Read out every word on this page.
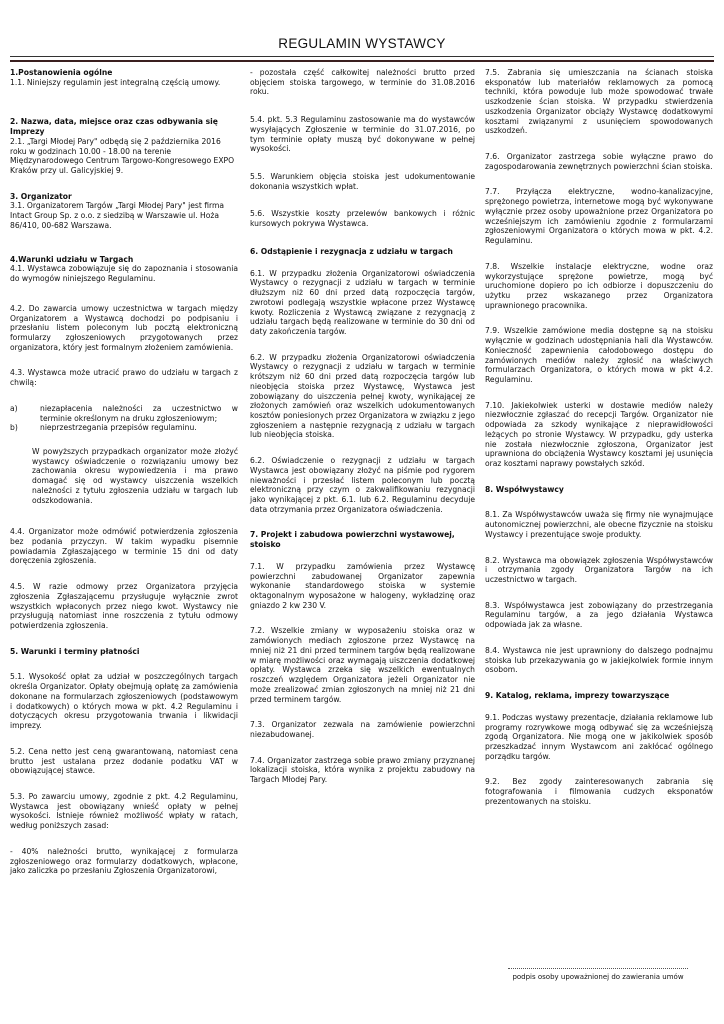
REGULAMIN WYSTAWCY

1.Postanowienia ogólne

1.1. Niniejszy regulamin jest integralną częścią umowy.

2. Nazwa, data, miejsce oraz czas odbywania się Imprezy

2.1. „Targi Młodej Pary" odbędą się 2 października 2016 roku w godzinach 10.00 - 18.00 na terenie Międzynarodowego Centrum Targowo-Kongresowego EXPO Kraków przy ul. Galicyjskiej 9.

3. Organizator

3.1. Organizatorem Targów „Targi Młodej Pary" jest firma Intact Group Sp. z o.o. z siedzibą w Warszawie ul. Hoża 86/410, 00-682 Warszawa.

4.Warunki udziału w Targach

4.1. Wystawca zobowiązuje się do zapoznania i stosowania do wymogów niniejszego Regulaminu.

4.2. Do zawarcia umowy uczestnictwa w targach między Organizatorem a Wystawcą dochodzi po podpisaniu i przesłaniu listem poleconym lub pocztą elektroniczną formularzy zgłoszeniowych przygotowanych przez organizatora, który jest formalnym złożeniem zamówienia.

4.3. Wystawca może utracić prawo do udziału w targach z chwilą:

a)	niezapłacenia należności za uczestnictwo w terminie określonym na druku zgłoszeniowym;
b)	nieprzestrzegania przepisów regulaminu.

W powyższych przypadkach organizator może złożyć wystawcy oświadczenie o rozwiązaniu umowy bez zachowania okresu wypowiedzenia i ma prawo domagać się od wystawcy uiszczenia wszelkich należności z tytułu zgłoszenia udziału w targach lub odszkodowania.

4.4. Organizator może odmówić potwierdzenia zgłoszenia bez podania przyczyn. W takim wypadku pisemnie powiadamia Zgłaszającego w terminie 15 dni od daty doręczenia zgłoszenia.

4.5. W razie odmowy przez Organizatora przyjęcia zgłoszenia Zgłaszającemu przysługuje wyłącznie zwrot wszystkich wpłaconych przez niego kwot. Wystawcy nie przysługują natomiast inne roszczenia z tytułu odmowy potwierdzenia zgłoszenia.

5. Warunki i terminy płatności

5.1. Wysokość opłat za udział w poszczególnych targach określa Organizator. Opłaty obejmują opłatę za zamówienia dokonane na formularzach zgłoszeniowych (podstawowym i dodatkowych) o których mowa w pkt. 4.2 Regulaminu i dotyczących okresu przygotowania trwania i likwidacji imprezy.

5.2. Cena netto jest ceną gwarantowaną, natomiast cena brutto jest ustalana przez dodanie podatku VAT w obowiązującej stawce.

5.3. Po zawarciu umowy, zgodnie z pkt. 4.2 Regulaminu, Wystawca jest obowiązany wnieść opłaty w pełnej wysokości. Istnieje również możliwość wpłaty w ratach, według poniższych zasad:

- 40% należności brutto, wynikającej z formularza zgłoszeniowego oraz formularzy dodatkowych, wpłacone, jako zaliczka po przesłaniu Zgłoszenia Organizatorowi,

- pozostała część całkowitej należności brutto przed objęciem stoiska targowego, w terminie do 31.08.2016 roku.

5.4. pkt. 5.3 Regulaminu zastosowanie ma do wystawców wysyłających Zgłoszenie w terminie do 31.07.2016, po tym terminie opłaty muszą być dokonywane w pełnej wysokości.

5.5. Warunkiem objęcia stoiska jest udokumentowanie dokonania wszystkich wpłat.

5.6. Wszystkie koszty przelewów bankowych i różnic kursowych pokrywa Wystawca.

6. Odstąpienie i rezygnacja z udziału w targach

6.1. W przypadku złożenia Organizatorowi oświadczenia Wystawcy o rezygnacji z udziału w targach w terminie dłuższym niż 60 dni przed datą rozpoczęcia targów, zwrotowi podlegają wszystkie wpłacone przez Wystawcę kwoty. Rozliczenia z Wystawcą związane z rezygnacją z udziału targach będą realizowane w terminie do 30 dni od daty zakończenia targów.

6.2. W przypadku złożenia Organizatorowi oświadczenia Wystawcy o rezygnacji z udziału w targach w terminie krótszym niż 60 dni przed datą rozpoczęcia targów lub nieobjęcia stoiska przez Wystawcę, Wystawca jest zobowiązany do uiszczenia pełnej kwoty, wynikającej ze złożonych zamówień oraz wszelkich udokumentowanych kosztów poniesionych przez Organizatora w związku z jego zgłoszeniem a następnie rezygnacją z udziału w targach lub nieobjęcia stoiska.

6.2. Oświadczenie o rezygnacji z udziału w targach Wystawca jest obowiązany złożyć na piśmie pod rygorem nieważności i przesłać listem poleconym lub pocztą elektroniczną przy czym o zakwalifikowaniu rezygnacji jako wynikającej z pkt. 6.1. lub 6.2. Regulaminu decyduje data otrzymania przez Organizatora oświadczenia.

7. Projekt i zabudowa powierzchni wystawowej, stoisko

7.1. W przypadku zamówienia przez Wystawcę powierzchni zabudowanej Organizator zapewnia wykonanie standardowego stoiska w systemie oktagonalnym wyposażone w halogeny, wykładzinę oraz gniazdo 2 kw 230 V.

7.2. Wszelkie zmiany w wyposażeniu stoiska oraz w zamówionych mediach zgłoszone przez Wystawcę na mniej niż 21 dni przed terminem targów będą realizowane w miarę możliwości oraz wymagają uiszczenia dodatkowej opłaty. Wystawca zrzeka się wszelkich ewentualnych roszczeń względem Organizatora jeżeli Organizator nie może zrealizować zmian zgłoszonych na mniej niż 21 dni przed terminem targów.

7.3. Organizator zezwala na zamówienie powierzchni niezabudowanej.

7.4. Organizator zastrzega sobie prawo zmiany przyznanej lokalizacji stoiska, która wynika z projektu zabudowy na Targach Młodej Pary.

7.5. Zabrania się umieszczania na ścianach stoiska eksponatów lub materiałów reklamowych za pomocą techniki, która powoduje lub może spowodować trwałe uszkodzenie ścian stoiska. W przypadku stwierdzenia uszkodzenia Organizator obciąży Wystawcę dodatkowymi kosztami związanymi z usunięciem spowodowanych uszkodzeń.

7.6. Organizator zastrzega sobie wyłączne prawo do zagospodarowania zewnętrznych powierzchni ścian stoiska.

7.7. Przyłącza elektryczne, wodno-kanalizacyjne, sprężonego powietrza, internetowe mogą być wykonywane wyłącznie przez osoby upoważnione przez Organizatora po wcześniejszym ich zamówieniu zgodnie z formularzami zgłoszeniowymi Organizatora o których mowa w pkt. 4.2. Regulaminu.

7.8. Wszelkie instalacje elektryczne, wodne oraz wykorzystujące sprężone powietrze, mogą być uruchomione dopiero po ich odbiorze i dopuszczeniu do użytku przez wskazanego przez Organizatora uprawnionego pracownika.

7.9. Wszelkie zamówione media dostępne są na stoisku wyłącznie w godzinach udostępniania hali dla Wystawców. Konieczność zapewnienia całodobowego dostępu do zamówionych mediów należy zgłosić na właściwych formularzach Organizatora, o których mowa w pkt 4.2. Regulaminu.

7.10. Jakiekolwiek usterki w dostawie mediów należy niezwłocznie zgłaszać do recepcji Targów. Organizator nie odpowiada za szkody wynikające z nieprawidłowości leżących po stronie Wystawcy. W przypadku, gdy usterka nie została niezwłocznie zgłoszona, Organizator jest uprawniona do obciążenia Wystawcy kosztami jej usunięcia oraz kosztami naprawy powstałych szkód.

8. Współwystawcy

8.1. Za Współwystawców uważa się firmy nie wynajmujące autonomicznej powierzchni, ale obecne fizycznie na stoisku Wystawcy i prezentujące swoje produkty.

8.2. Wystawca ma obowiązek zgłoszenia Współwystawców i otrzymania zgody Organizatora Targów na ich uczestnictwo w targach.

8.3. Współwystawca jest zobowiązany do przestrzegania Regulaminu targów, a za jego działania Wystawca odpowiada jak za własne.

8.4. Wystawca nie jest uprawniony do dalszego podnajmu stoiska lub przekazywania go w jakiejkolwiek formie innym osobom.

9. Katalog, reklama, imprezy towarzyszące

9.1. Podczas wystawy prezentacje, działania reklamowe lub programy rozrywkowe mogą odbywać się za wcześniejszą zgodą Organizatora. Nie mogą one w jakikolwiek sposób przeszkadzać innym Wystawcom ani zakłócać ogólnego porządku targów.

9.2. Bez zgody zainteresowanych zabrania się fotografowania i filmowania cudzych eksponatów prezentowanych na stoisku.

podpis osoby upoważnionej do zawierania umów
